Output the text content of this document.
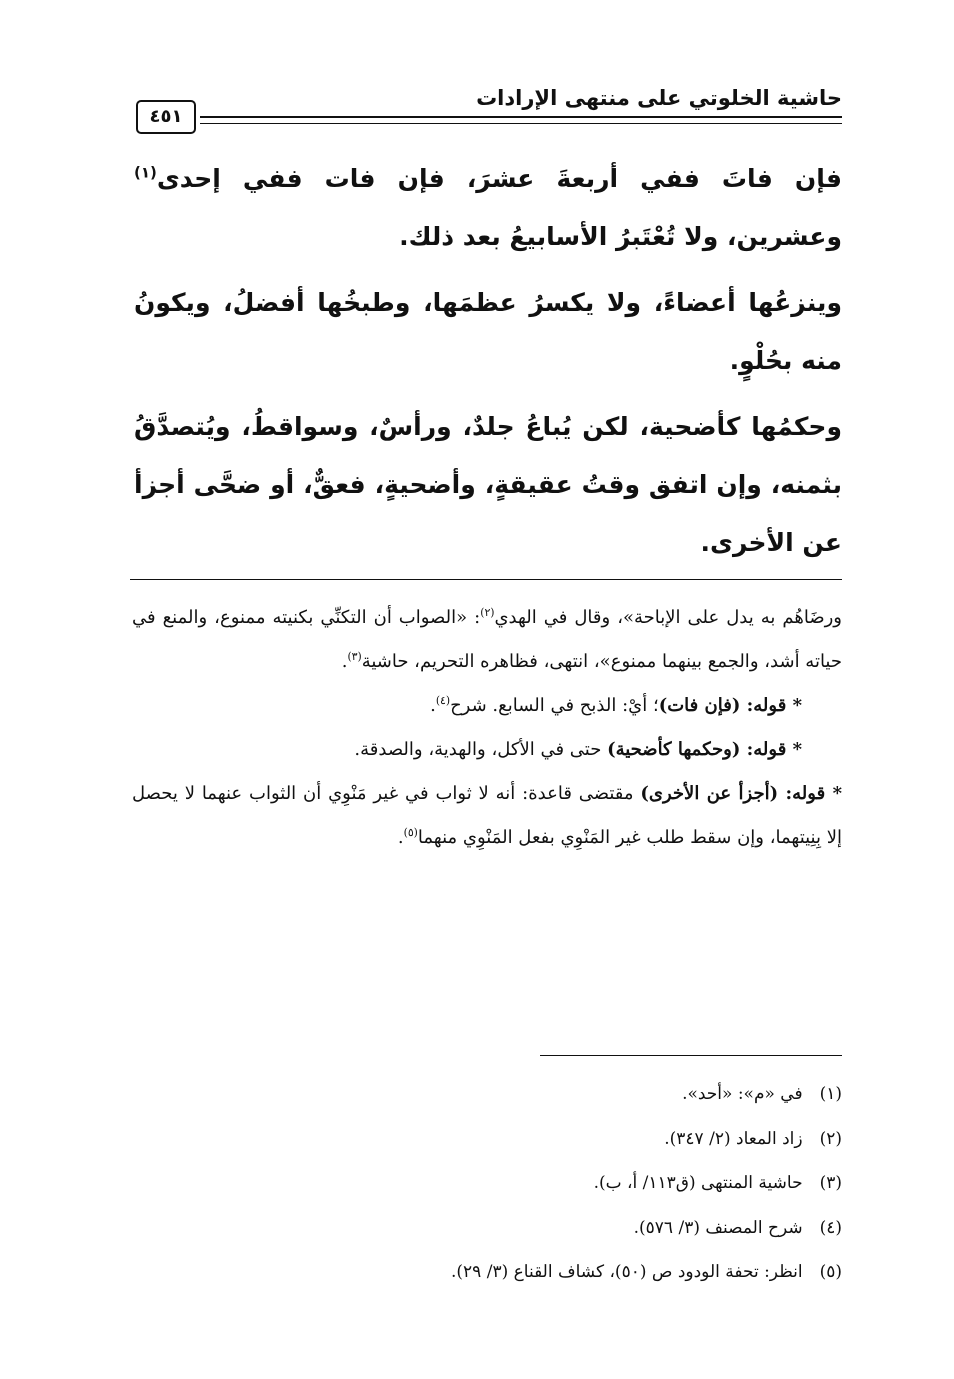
حاشية الخلوتي على منتهى الإرادات
٤٥١

فإن فاتَ ففي أربعةَ عشرَ، فإن فات ففي إحدى$^{(١)}$ وعشرين، ولا تُعْتَبرُ الأسابيعُ بعد ذلك.

وينزعُها أعضاءً، ولا يكسرُ عظمَها، وطبخُها أفضلُ، ويكونُ منه بحُلْوٍ.

وحكمُها كأضحية، لكن يُباعُ جلدٌ، ورأسٌ، وسواقطُ، ويُتصدَّقُ بثمنه، وإن اتفق وقتُ عقيقةٍ، وأضحيةٍ، فعقٌّ، أو ضحَّى أجزأ عن الأخرى.

ورضَاهُم به يدل على الإباحة»، وقال في الهدي$^{(٢)}$: «الصواب أن التكنِّي بكنيته ممنوع، والمنع في حياته أشد، والجمع بينهما ممنوع»، انتهى، فظاهره التحريم، حاشية$^{(٣)}$.

* قوله: (فإن فات)؛ أيْ: الذبح في السابع. شرح$^{(٤)}$.

* قوله: (وحكمها كأضحية) حتى في الأكل، والهدية، والصدقة.

* قوله: (أجزأ عن الأخرى) مقتضى قاعدة: أنه لا ثواب في غير مَنْوِي أن الثواب عنهما لا يحصل إلا بِنِيتهما، وإن سقط طلب غير المَنْوِي بفعل المَنْوِي منهما$^{(٥)}$.

(١) في «م»: «أحد».

(٢) زاد المعاد (٢/ ٣٤٧).

(٣) حاشية المنتهى (ق١١٣/ أ، ب).

(٤) شرح المصنف (٣/ ٥٧٦).

(٥) انظر: تحفة الودود ص (٥٠)، كشاف القناع (٣/ ٢٩).
